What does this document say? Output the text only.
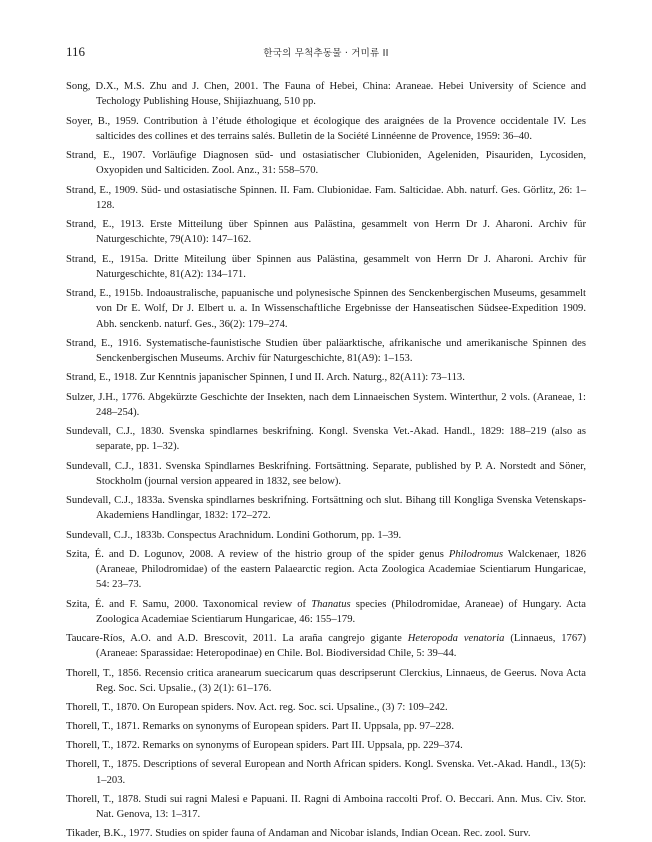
116	한국의 무척추동물 · 거미류 II

Song, D.X., M.S. Zhu and J. Chen, 2001. The Fauna of Hebei, China: Araneae. Hebei University of Science and Techology Publishing House, Shijiazhuang, 510 pp.

Soyer, B., 1959. Contribution à l’étude éthologique et écologique des araignées de la Provence occidentale IV. Les salticides des collines et des terrains salés. Bulletin de la Société Linnéenne de Provence, 1959: 36–40.

Strand, E., 1907. Vorläufige Diagnosen süd- und ostasiatischer Clubioniden, Ageleniden, Pisauriden, Lycosiden, Oxyopiden und Salticiden. Zool. Anz., 31: 558–570.

Strand, E., 1909. Süd- und ostasiatische Spinnen. II. Fam. Clubionidae. Fam. Salticidae. Abh. naturf. Ges. Görlitz, 26: 1–128.

Strand, E., 1913. Erste Mitteilung über Spinnen aus Palästina, gesammelt von Herrn Dr J. Aharoni. Archiv für Naturgeschichte, 79(A10): 147–162.

Strand, E., 1915a. Dritte Miteilung über Spinnen aus Palästina, gesammelt von Herrn Dr J. Aharoni. Archiv für Naturgeschichte, 81(A2): 134–171.

Strand, E., 1915b. Indoaustralische, papuanische und polynesische Spinnen des Senckenbergischen Museums, gesammelt von Dr E. Wolf, Dr J. Elbert u. a. In Wissenschaftliche Ergebnisse der Hanseatischen Südsee-Expedition 1909. Abh. senckenb. naturf. Ges., 36(2): 179–274.

Strand, E., 1916. Systematische-faunistische Studien über paläarktische, afrikanische und amerikanische Spinnen des Senckenbergischen Museums. Archiv für Naturgeschichte, 81(A9): 1–153.

Strand, E., 1918. Zur Kenntnis japanischer Spinnen, I und II. Arch. Naturg., 82(A11): 73–113.

Sulzer, J.H., 1776. Abgekürzte Geschichte der Insekten, nach dem Linnaeischen System. Winterthur, 2 vols. (Araneae, 1: 248–254).

Sundevall, C.J., 1830. Svenska spindlarnes beskrifning. Kongl. Svenska Vet.-Akad. Handl., 1829: 188–219 (also as separate, pp. 1–32).

Sundevall, C.J., 1831. Svenska Spindlarnes Beskrifning. Fortsättning. Separate, published by P. A. Norstedt and Söner, Stockholm (journal version appeared in 1832, see below).

Sundevall, C.J., 1833a. Svenska spindlarnes beskrifning. Fortsättning och slut. Bihang till Kongliga Svenska Vetenskaps-Akademiens Handlingar, 1832: 172–272.

Sundevall, C.J., 1833b. Conspectus Arachnidum. Londini Gothorum, pp. 1–39.

Szita, É. and D. Logunov, 2008. A review of the histrio group of the spider genus Philodromus Walckenaer, 1826 (Araneae, Philodromidae) of the eastern Palaearctic region. Acta Zoologica Academiae Scientiarum Hungaricae, 54: 23–73.

Szita, É. and F. Samu, 2000. Taxonomical review of Thanatus species (Philodromidae, Araneae) of Hungary. Acta Zoologica Academiae Scientiarum Hungaricae, 46: 155–179.

Taucare-Ríos, A.O. and A.D. Brescovit, 2011. La araña cangrejo gigante Heteropoda venatoria (Linnaeus, 1767) (Araneae: Sparassidae: Heteropodinae) en Chile. Bol. Biodiversidad Chile, 5: 39–44.

Thorell, T., 1856. Recensio critica aranearum suecicarum quas descripserunt Clerckius, Linnaeus, de Geerus. Nova Acta Reg. Soc. Sci. Upsalie., (3) 2(1): 61–176.

Thorell, T., 1870. On European spiders. Nov. Act. reg. Soc. sci. Upsaline., (3) 7: 109–242.

Thorell, T., 1871. Remarks on synonyms of European spiders. Part II. Uppsala, pp. 97–228.

Thorell, T., 1872. Remarks on synonyms of European spiders. Part III. Uppsala, pp. 229–374.

Thorell, T., 1875. Descriptions of several European and North African spiders. Kongl. Svenska. Vet.-Akad. Handl., 13(5): 1–203.

Thorell, T., 1878. Studi sui ragni Malesi e Papuani. II. Ragni di Amboina raccolti Prof. O. Beccari. Ann. Mus. Civ. Stor. Nat. Genova, 13: 1–317.

Tikader, B.K., 1977. Studies on spider fauna of Andaman and Nicobar islands, Indian Ocean. Rec. zool. Surv.
